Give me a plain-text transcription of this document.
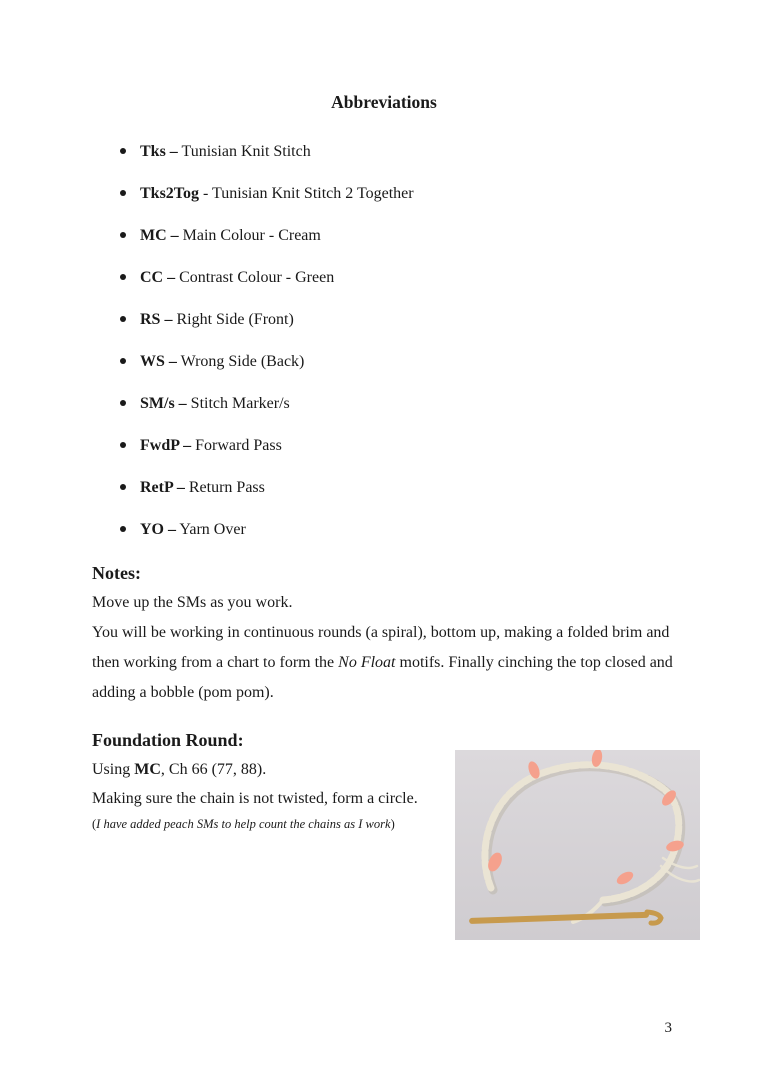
Abbreviations
Tks – Tunisian Knit Stitch
Tks2Tog - Tunisian Knit Stitch 2 Together
MC – Main Colour - Cream
CC – Contrast Colour - Green
RS – Right Side (Front)
WS – Wrong Side (Back)
SM/s – Stitch Marker/s
FwdP – Forward Pass
RetP – Return Pass
YO – Yarn Over
Notes:

Move up the SMs as you work.

You will be working in continuous rounds (a spiral), bottom up, making a folded brim and then working from a chart to form the No Float motifs. Finally cinching the top closed and adding a bobble (pom pom).

Foundation Round:

Using MC, Ch 66 (77, 88).

Making sure the chain is not twisted, form a circle.

(I have added peach SMs to help count the chains as I work)

3
